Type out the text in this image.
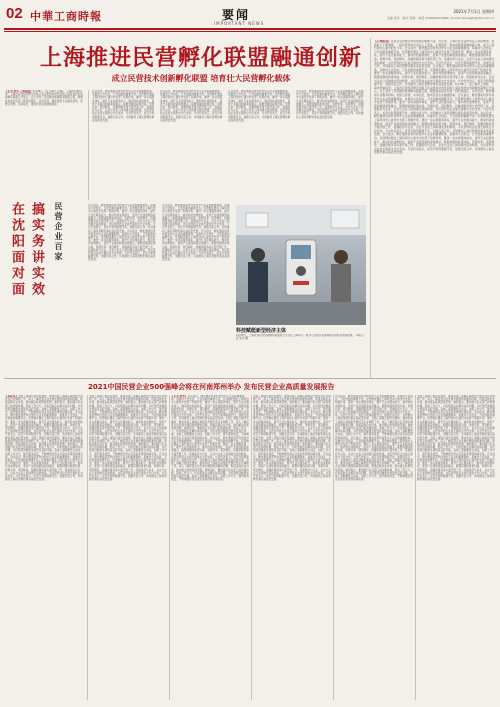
02 中華工商時報	要闻
IMPORTANT NEWS
2021年7月1日 星期四
主编 张华 · 版式 齐润 · 电话 (010)65271800 · E-mail zhangzh@cbt.com.cn
上海推进民营孵化联盟融通创新
成立民营技术创新孵化联盟 培育壮大民营孵化载体
【记者 张华 上海报道】6月29日，由上海市工商联、上海市科委指导，上海市民营经济研究会联合有关机构共同发起的上海民营技术创新孵化联盟正式成立。会上发布了民营孵化载体服务联盟章程，联盟首批成员包括一批科技园区、众创空间、孵化器和专业服务机构，将整合资源、共享信息，推动民营企业融通创新。
会议指出，孵化器是培育科技型中小企业的重要载体，是推动大众创业、万众创新的重要平台。民营孵化器在上海科创中心建设中发挥了积极作用，要进一步完善服务体系，提升专业化服务能力，推动科技成果转化，促进产业链创新链深度融合。联盟将围绕政策对接、资源共享、项目孵化、投融资服务等方面开展工作，搭建政府与企业、企业与企业之间沟通交流的桥梁，为民营科技企业成长提供全方位支持。与会代表表示，将充分利用联盟平台，加强交流合作，共同推动上海民营孵化事业高质量发展。
会议指出，孵化器是培育科技型中小企业的重要载体，是推动大众创业、万众创新的重要平台。民营孵化器在上海科创中心建设中发挥了积极作用，要进一步完善服务体系，提升专业化服务能力，推动科技成果转化，促进产业链创新链深度融合。联盟将围绕政策对接、资源共享、项目孵化、投融资服务等方面开展工作，搭建政府与企业、企业与企业之间沟通交流的桥梁，为民营科技企业成长提供全方位支持。与会代表表示，将充分利用联盟平台，加强交流合作，共同推动上海民营孵化事业高质量发展。
会议指出，孵化器是培育科技型中小企业的重要载体，是推动大众创业、万众创新的重要平台。民营孵化器在上海科创中心建设中发挥了积极作用，要进一步完善服务体系，提升专业化服务能力，推动科技成果转化，促进产业链创新链深度融合。联盟将围绕政策对接、资源共享、项目孵化、投融资服务等方面开展工作，搭建政府与企业、企业与企业之间沟通交流的桥梁，为民营科技企业成长提供全方位支持。与会代表表示，将充分利用联盟平台，加强交流合作，共同推动上海民营孵化事业高质量发展。
会议指出，孵化器是培育科技型中小企业的重要载体，是推动大众创业、万众创新的重要平台。民营孵化器在上海科创中心建设中发挥了积极作用，要进一步完善服务体系，提升专业化服务能力，推动科技成果转化，促进产业链创新链深度融合。联盟将围绕政策对接、资源共享、项目孵化、投融资服务等方面开展工作，搭建政府与企业、企业与企业之间沟通交流的桥梁，为民营科技企业成长提供全方位支持。与会代表表示，将充分利用联盟平台，加强交流合作，共同推动上海民营孵化事业高质量发展。
在沈阳面对面 搞实务讲实效 民营企业百家	会议指出，孵化器是培育科技型中小企业的重要载体，是推动大众创业、万众创新的重要平台。民营孵化器在上海科创中心建设中发挥了积极作用，要进一步完善服务体系，提升专业化服务能力，推动科技成果转化，促进产业链创新链深度融合。联盟将围绕政策对接、资源共享、项目孵化、投融资服务等方面开展工作，搭建政府与企业、企业与企业之间沟通交流的桥梁，为民营科技企业成长提供全方位支持。与会代表表示，将充分利用联盟平台，加强交流合作，共同推动上海民营孵化事业高质量发展。会议指出，孵化器是培育科技型中小企业的重要载体，是推动大众创业、万众创新的重要平台。民营孵化器在上海科创中心建设中发挥了积极作用，要进一步完善服务体系，提升专业化服务能力，推动科技成果转化，促进产业链创新链深度融合。联盟将围绕政策对接、资源共享、项目孵化、投融资服务等方面开展工作，搭建政府与企业、企业与企业之间沟通交流的桥梁，为民营科技企业成长提供全方位支持。与会代表表示，将充分利用联盟平台，加强交流合作，共同推动上海民营孵化事业高质量发展。
会议指出，孵化器是培育科技型中小企业的重要载体，是推动大众创业、万众创新的重要平台。民营孵化器在上海科创中心建设中发挥了积极作用，要进一步完善服务体系，提升专业化服务能力，推动科技成果转化，促进产业链创新链深度融合。联盟将围绕政策对接、资源共享、项目孵化、投融资服务等方面开展工作，搭建政府与企业、企业与企业之间沟通交流的桥梁，为民营科技企业成长提供全方位支持。与会代表表示，将充分利用联盟平台，加强交流合作，共同推动上海民营孵化事业高质量发展。会议指出，孵化器是培育科技型中小企业的重要载体，是推动大众创业、万众创新的重要平台。民营孵化器在上海科创中心建设中发挥了积极作用，要进一步完善服务体系，提升专业化服务能力，推动科技成果转化，促进产业链创新链深度融合。联盟将围绕政策对接、资源共享、项目孵化、投融资服务等方面开展工作，搭建政府与企业、企业与企业之间沟通交流的桥梁，为民营科技企业成长提供全方位支持。与会代表表示，将充分利用联盟平台，加强交流合作，共同推动上海民营孵化事业高质量发展。
科技赋能新型经济主体
6月29日，上海民营技术创新孵化联盟成立大会在上海举行。图为与会嘉宾在参观展示的科技创新成果。 本报记者 张华 摄
【专题报道】民营企业是推动科技创新的重要力量。近年来，上海民营企业研发投入持续增加，创新能力不断增强，一批民营科技企业在人工智能、生物医药、集成电路等领域崭露头角，成为上海科创中心建设的生力军。会议指出，孵化器是培育科技型中小企业的重要载体，是推动大众创业、万众创新的重要平台。民营孵化器在上海科创中心建设中发挥了积极作用，要进一步完善服务体系，提升专业化服务能力，推动科技成果转化，促进产业链创新链深度融合。联盟将围绕政策对接、资源共享、项目孵化、投融资服务等方面开展工作，搭建政府与企业、企业与企业之间沟通交流的桥梁，为民营科技企业成长提供全方位支持。与会代表表示，将充分利用联盟平台，加强交流合作，共同推动上海民营孵化事业高质量发展。会议指出，孵化器是培育科技型中小企业的重要载体，是推动大众创业、万众创新的重要平台。民营孵化器在上海科创中心建设中发挥了积极作用，要进一步完善服务体系，提升专业化服务能力，推动科技成果转化，促进产业链创新链深度融合。联盟将围绕政策对接、资源共享、项目孵化、投融资服务等方面开展工作，搭建政府与企业、企业与企业之间沟通交流的桥梁，为民营科技企业成长提供全方位支持。与会代表表示，将充分利用联盟平台，加强交流合作，共同推动上海民营孵化事业高质量发展。6月29日，由上海市工商联、上海市科委指导，上海市民营经济研究会联合有关机构共同发起的上海民营技术创新孵化联盟正式成立。会上发布了民营孵化载体服务联盟章程，联盟首批成员包括一批科技园区、众创空间、孵化器和专业服务机构，将整合资源、共享信息，推动民营企业融通创新。会议指出，孵化器是培育科技型中小企业的重要载体，是推动大众创业、万众创新的重要平台。民营孵化器在上海科创中心建设中发挥了积极作用，要进一步完善服务体系，提升专业化服务能力，推动科技成果转化，促进产业链创新链深度融合。联盟将围绕政策对接、资源共享、项目孵化、投融资服务等方面开展工作，搭建政府与企业、企业与企业之间沟通交流的桥梁，为民营科技企业成长提供全方位支持。与会代表表示，将充分利用联盟平台，加强交流合作，共同推动上海民营孵化事业高质量发展。会议指出，孵化器是培育科技型中小企业的重要载体，是推动大众创业、万众创新的重要平台。民营孵化器在上海科创中心建设中发挥了积极作用，要进一步完善服务体系，提升专业化服务能力，推动科技成果转化，促进产业链创新链深度融合。联盟将围绕政策对接、资源共享、项目孵化、投融资服务等方面开展工作，搭建政府与企业、企业与企业之间沟通交流的桥梁，为民营科技企业成长提供全方位支持。与会代表表示，将充分利用联盟平台，加强交流合作，共同推动上海民营孵化事业高质量发展。会议指出，孵化器是培育科技型中小企业的重要载体，是推动大众创业、万众创新的重要平台。民营孵化器在上海科创中心建设中发挥了积极作用，要进一步完善服务体系，提升专业化服务能力，推动科技成果转化，促进产业链创新链深度融合。联盟将围绕政策对接、资源共享、项目孵化、投融资服务等方面开展工作，搭建政府与企业、企业与企业之间沟通交流的桥梁，为民营科技企业成长提供全方位支持。与会代表表示，将充分利用联盟平台，加强交流合作，共同推动上海民营孵化事业高质量发展。
2021中国民营企业500强峰会将在河南郑州举办 发布民营企业高质量发展报告
【本报讯】全国工商联日前印发通知，要求各地工商联认真组织开展民营企业调研工作，深入了解民营企业发展中遇到的困难和问题，积极反映企业诉求，推动惠企政策落地见效。通知指出，要加强与有关部门的沟通协调，形成工作合力，切实帮助企业解决实际问题，为民营经济健康发展营造良好环境。各地工商联要结合实际，创新工作方式，提升服务质量，不断增强民营企业家的获得感和满意度。会议指出，孵化器是培育科技型中小企业的重要载体，是推动大众创业、万众创新的重要平台。民营孵化器在上海科创中心建设中发挥了积极作用，要进一步完善服务体系，提升专业化服务能力，推动科技成果转化，促进产业链创新链深度融合。联盟将围绕政策对接、资源共享、项目孵化、投融资服务等方面开展工作，搭建政府与企业、企业与企业之间沟通交流的桥梁，为民营科技企业成长提供全方位支持。与会代表表示，将充分利用联盟平台，加强交流合作，共同推动上海民营孵化事业高质量发展。全国工商联日前印发通知，要求各地工商联认真组织开展民营企业调研工作，深入了解民营企业发展中遇到的困难和问题，积极反映企业诉求，推动惠企政策落地见效。通知指出，要加强与有关部门的沟通协调，形成工作合力，切实帮助企业解决实际问题，为民营经济健康发展营造良好环境。各地工商联要结合实际，创新工作方式，提升服务质量，不断增强民营企业家的获得感和满意度。会议指出，孵化器是培育科技型中小企业的重要载体，是推动大众创业、万众创新的重要平台。民营孵化器在上海科创中心建设中发挥了积极作用，要进一步完善服务体系，提升专业化服务能力，推动科技成果转化，促进产业链创新链深度融合。联盟将围绕政策对接、资源共享、项目孵化、投融资服务等方面开展工作，搭建政府与企业、企业与企业之间沟通交流的桥梁，为民营科技企业成长提供全方位支持。与会代表表示，将充分利用联盟平台，加强交流合作，共同推动上海民营孵化事业高质量发展。
全国工商联日前印发通知，要求各地工商联认真组织开展民营企业调研工作，深入了解民营企业发展中遇到的困难和问题，积极反映企业诉求，推动惠企政策落地见效。通知指出，要加强与有关部门的沟通协调，形成工作合力，切实帮助企业解决实际问题，为民营经济健康发展营造良好环境。各地工商联要结合实际，创新工作方式，提升服务质量，不断增强民营企业家的获得感和满意度。会议指出，孵化器是培育科技型中小企业的重要载体，是推动大众创业、万众创新的重要平台。民营孵化器在上海科创中心建设中发挥了积极作用，要进一步完善服务体系，提升专业化服务能力，推动科技成果转化，促进产业链创新链深度融合。联盟将围绕政策对接、资源共享、项目孵化、投融资服务等方面开展工作，搭建政府与企业、企业与企业之间沟通交流的桥梁，为民营科技企业成长提供全方位支持。与会代表表示，将充分利用联盟平台，加强交流合作，共同推动上海民营孵化事业高质量发展。全国工商联日前印发通知，要求各地工商联认真组织开展民营企业调研工作，深入了解民营企业发展中遇到的困难和问题，积极反映企业诉求，推动惠企政策落地见效。通知指出，要加强与有关部门的沟通协调，形成工作合力，切实帮助企业解决实际问题，为民营经济健康发展营造良好环境。各地工商联要结合实际，创新工作方式，提升服务质量，不断增强民营企业家的获得感和满意度。会议指出，孵化器是培育科技型中小企业的重要载体，是推动大众创业、万众创新的重要平台。民营孵化器在上海科创中心建设中发挥了积极作用，要进一步完善服务体系，提升专业化服务能力，推动科技成果转化，促进产业链创新链深度融合。联盟将围绕政策对接、资源共享、项目孵化、投融资服务等方面开展工作，搭建政府与企业、企业与企业之间沟通交流的桥梁，为民营科技企业成长提供全方位支持。与会代表表示，将充分利用联盟平台，加强交流合作，共同推动上海民营孵化事业高质量发展。
【记者 张华】会议指出，孵化器是培育科技型中小企业的重要载体，是推动大众创业、万众创新的重要平台。民营孵化器在上海科创中心建设中发挥了积极作用，要进一步完善服务体系，提升专业化服务能力，推动科技成果转化，促进产业链创新链深度融合。联盟将围绕政策对接、资源共享、项目孵化、投融资服务等方面开展工作，搭建政府与企业、企业与企业之间沟通交流的桥梁，为民营科技企业成长提供全方位支持。与会代表表示，将充分利用联盟平台，加强交流合作，共同推动上海民营孵化事业高质量发展。全国工商联日前印发通知，要求各地工商联认真组织开展民营企业调研工作，深入了解民营企业发展中遇到的困难和问题，积极反映企业诉求，推动惠企政策落地见效。通知指出，要加强与有关部门的沟通协调，形成工作合力，切实帮助企业解决实际问题，为民营经济健康发展营造良好环境。各地工商联要结合实际，创新工作方式，提升服务质量，不断增强民营企业家的获得感和满意度。会议指出，孵化器是培育科技型中小企业的重要载体，是推动大众创业、万众创新的重要平台。民营孵化器在上海科创中心建设中发挥了积极作用，要进一步完善服务体系，提升专业化服务能力，推动科技成果转化，促进产业链创新链深度融合。联盟将围绕政策对接、资源共享、项目孵化、投融资服务等方面开展工作，搭建政府与企业、企业与企业之间沟通交流的桥梁，为民营科技企业成长提供全方位支持。与会代表表示，将充分利用联盟平台，加强交流合作，共同推动上海民营孵化事业高质量发展。全国工商联日前印发通知，要求各地工商联认真组织开展民营企业调研工作，深入了解民营企业发展中遇到的困难和问题，积极反映企业诉求，推动惠企政策落地见效。通知指出，要加强与有关部门的沟通协调，形成工作合力，切实帮助企业解决实际问题，为民营经济健康发展营造良好环境。各地工商联要结合实际，创新工作方式，提升服务质量，不断增强民营企业家的获得感和满意度。
全国工商联日前印发通知，要求各地工商联认真组织开展民营企业调研工作，深入了解民营企业发展中遇到的困难和问题，积极反映企业诉求，推动惠企政策落地见效。通知指出，要加强与有关部门的沟通协调，形成工作合力，切实帮助企业解决实际问题，为民营经济健康发展营造良好环境。各地工商联要结合实际，创新工作方式，提升服务质量，不断增强民营企业家的获得感和满意度。会议指出，孵化器是培育科技型中小企业的重要载体，是推动大众创业、万众创新的重要平台。民营孵化器在上海科创中心建设中发挥了积极作用，要进一步完善服务体系，提升专业化服务能力，推动科技成果转化，促进产业链创新链深度融合。联盟将围绕政策对接、资源共享、项目孵化、投融资服务等方面开展工作，搭建政府与企业、企业与企业之间沟通交流的桥梁，为民营科技企业成长提供全方位支持。与会代表表示，将充分利用联盟平台，加强交流合作，共同推动上海民营孵化事业高质量发展。全国工商联日前印发通知，要求各地工商联认真组织开展民营企业调研工作，深入了解民营企业发展中遇到的困难和问题，积极反映企业诉求，推动惠企政策落地见效。通知指出，要加强与有关部门的沟通协调，形成工作合力，切实帮助企业解决实际问题，为民营经济健康发展营造良好环境。各地工商联要结合实际，创新工作方式，提升服务质量，不断增强民营企业家的获得感和满意度。会议指出，孵化器是培育科技型中小企业的重要载体，是推动大众创业、万众创新的重要平台。民营孵化器在上海科创中心建设中发挥了积极作用，要进一步完善服务体系，提升专业化服务能力，推动科技成果转化，促进产业链创新链深度融合。联盟将围绕政策对接、资源共享、项目孵化、投融资服务等方面开展工作，搭建政府与企业、企业与企业之间沟通交流的桥梁，为民营科技企业成长提供全方位支持。与会代表表示，将充分利用联盟平台，加强交流合作，共同推动上海民营孵化事业高质量发展。
会议指出，孵化器是培育科技型中小企业的重要载体，是推动大众创业、万众创新的重要平台。民营孵化器在上海科创中心建设中发挥了积极作用，要进一步完善服务体系，提升专业化服务能力，推动科技成果转化，促进产业链创新链深度融合。联盟将围绕政策对接、资源共享、项目孵化、投融资服务等方面开展工作，搭建政府与企业、企业与企业之间沟通交流的桥梁，为民营科技企业成长提供全方位支持。与会代表表示，将充分利用联盟平台，加强交流合作，共同推动上海民营孵化事业高质量发展。全国工商联日前印发通知，要求各地工商联认真组织开展民营企业调研工作，深入了解民营企业发展中遇到的困难和问题，积极反映企业诉求，推动惠企政策落地见效。通知指出，要加强与有关部门的沟通协调，形成工作合力，切实帮助企业解决实际问题，为民营经济健康发展营造良好环境。各地工商联要结合实际，创新工作方式，提升服务质量，不断增强民营企业家的获得感和满意度。会议指出，孵化器是培育科技型中小企业的重要载体，是推动大众创业、万众创新的重要平台。民营孵化器在上海科创中心建设中发挥了积极作用，要进一步完善服务体系，提升专业化服务能力，推动科技成果转化，促进产业链创新链深度融合。联盟将围绕政策对接、资源共享、项目孵化、投融资服务等方面开展工作，搭建政府与企业、企业与企业之间沟通交流的桥梁，为民营科技企业成长提供全方位支持。与会代表表示，将充分利用联盟平台，加强交流合作，共同推动上海民营孵化事业高质量发展。全国工商联日前印发通知，要求各地工商联认真组织开展民营企业调研工作，深入了解民营企业发展中遇到的困难和问题，积极反映企业诉求，推动惠企政策落地见效。通知指出，要加强与有关部门的沟通协调，形成工作合力，切实帮助企业解决实际问题，为民营经济健康发展营造良好环境。各地工商联要结合实际，创新工作方式，提升服务质量，不断增强民营企业家的获得感和满意度。
全国工商联日前印发通知，要求各地工商联认真组织开展民营企业调研工作，深入了解民营企业发展中遇到的困难和问题，积极反映企业诉求，推动惠企政策落地见效。通知指出，要加强与有关部门的沟通协调，形成工作合力，切实帮助企业解决实际问题，为民营经济健康发展营造良好环境。各地工商联要结合实际，创新工作方式，提升服务质量，不断增强民营企业家的获得感和满意度。会议指出，孵化器是培育科技型中小企业的重要载体，是推动大众创业、万众创新的重要平台。民营孵化器在上海科创中心建设中发挥了积极作用，要进一步完善服务体系，提升专业化服务能力，推动科技成果转化，促进产业链创新链深度融合。联盟将围绕政策对接、资源共享、项目孵化、投融资服务等方面开展工作，搭建政府与企业、企业与企业之间沟通交流的桥梁，为民营科技企业成长提供全方位支持。与会代表表示，将充分利用联盟平台，加强交流合作，共同推动上海民营孵化事业高质量发展。全国工商联日前印发通知，要求各地工商联认真组织开展民营企业调研工作，深入了解民营企业发展中遇到的困难和问题，积极反映企业诉求，推动惠企政策落地见效。通知指出，要加强与有关部门的沟通协调，形成工作合力，切实帮助企业解决实际问题，为民营经济健康发展营造良好环境。各地工商联要结合实际，创新工作方式，提升服务质量，不断增强民营企业家的获得感和满意度。会议指出，孵化器是培育科技型中小企业的重要载体，是推动大众创业、万众创新的重要平台。民营孵化器在上海科创中心建设中发挥了积极作用，要进一步完善服务体系，提升专业化服务能力，推动科技成果转化，促进产业链创新链深度融合。联盟将围绕政策对接、资源共享、项目孵化、投融资服务等方面开展工作，搭建政府与企业、企业与企业之间沟通交流的桥梁，为民营科技企业成长提供全方位支持。与会代表表示，将充分利用联盟平台，加强交流合作，共同推动上海民营孵化事业高质量发展。
